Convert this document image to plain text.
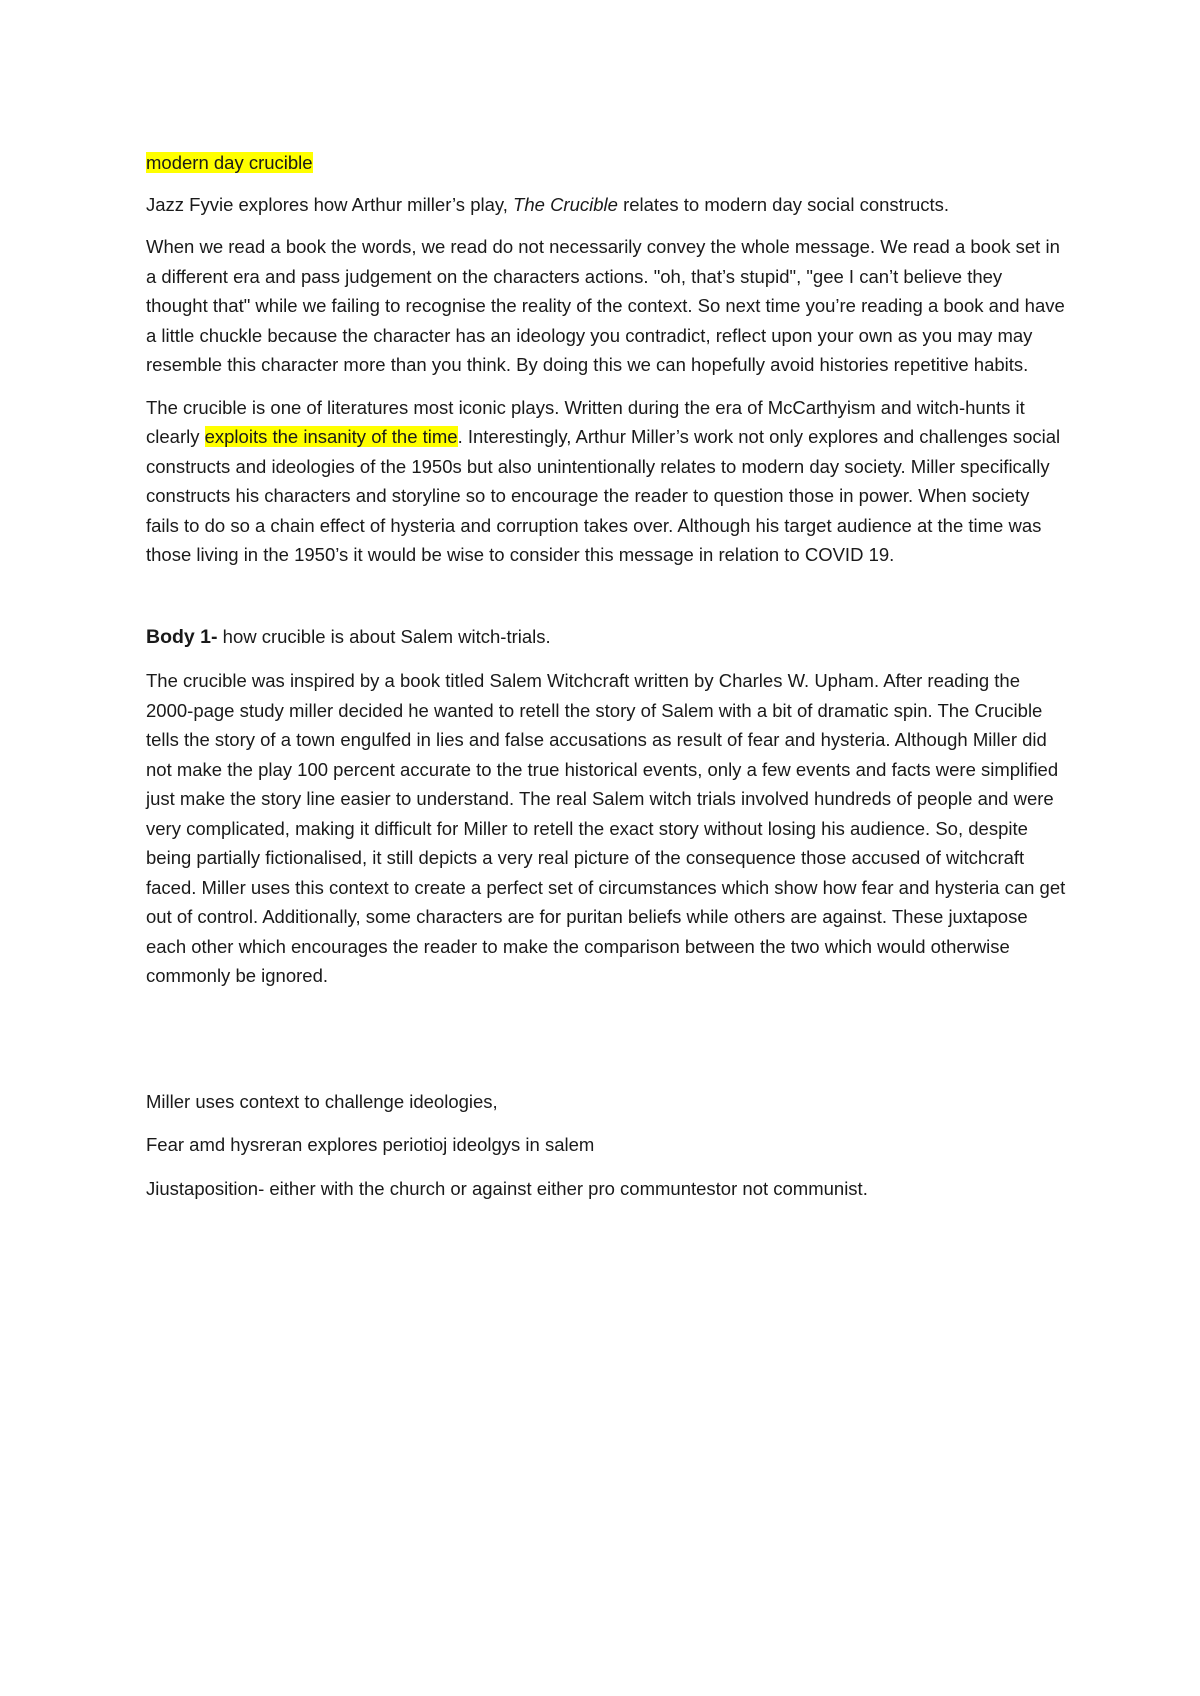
modern day crucible

Jazz Fyvie explores how Arthur miller’s play, The Crucible relates to modern day social constructs.

When we read a book the words, we read do not necessarily convey the whole message. We read a book set in a different era and pass judgement on the characters actions. "oh, that’s stupid", "gee I can’t believe they thought that" while we failing to recognise the reality of the context. So next time you’re reading a book and have a little chuckle because the character has an ideology you contradict, reflect upon your own as you may may resemble this character more than you think. By doing this we can hopefully avoid histories repetitive habits.

The crucible is one of literatures most iconic plays. Written during the era of McCarthyism and witch-hunts it clearly exploits the insanity of the time. Interestingly, Arthur Miller’s work not only explores and challenges social constructs and ideologies of the 1950s but also unintentionally relates to modern day society. Miller specifically constructs his characters and storyline so to encourage the reader to question those in power. When society fails to do so a chain effect of hysteria and corruption takes over. Although his target audience at the time was those living in the 1950’s it would be wise to consider this message in relation to COVID 19.

Body 1- how crucible is about Salem witch-trials.

The crucible was inspired by a book titled Salem Witchcraft written by Charles W. Upham. After reading the 2000-page study miller decided he wanted to retell the story of Salem with a bit of dramatic spin. The Crucible tells the story of a town engulfed in lies and false accusations as result of fear and hysteria. Although Miller did not make the play 100 percent accurate to the true historical events, only a few events and facts were simplified just make the story line easier to understand. The real Salem witch trials involved hundreds of people and were very complicated, making it difficult for Miller to retell the exact story without losing his audience. So, despite being partially fictionalised, it still depicts a very real picture of the consequence those accused of witchcraft faced. Miller uses this context to create a perfect set of circumstances which show how fear and hysteria can get out of control. Additionally, some characters are for puritan beliefs while others are against. These juxtapose each other which encourages the reader to make the comparison between the two which would otherwise commonly be ignored.

Miller uses context to challenge ideologies,

Fear amd hysreran explores periotioj ideolgys in salem

Jiustaposition- either with the church or against either pro communtestor not communist.
